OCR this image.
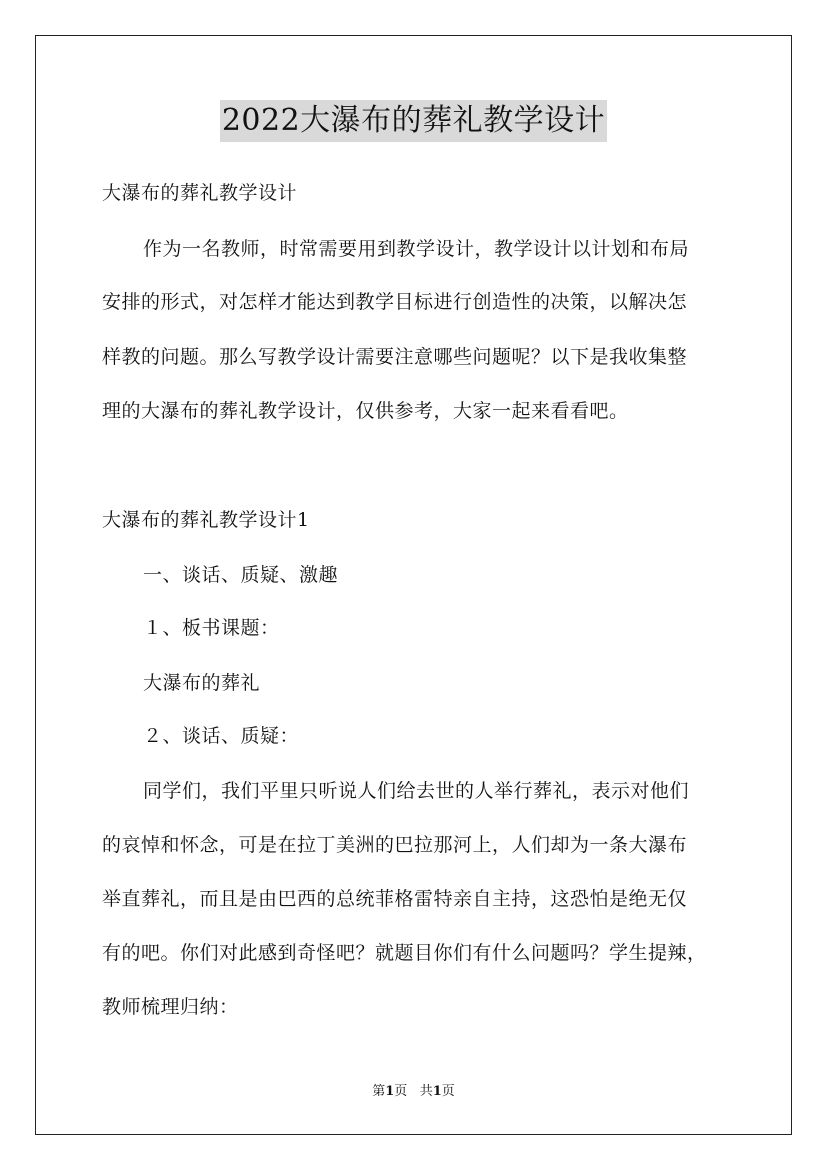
2022大瀑布的葬礼教学设计
大瀑布的葬礼教学设计
作为一名教师，时常需要用到教学设计，教学设计以计划和布局
安排的形式，对怎样才能达到教学目标进行创造性的决策，以解决怎
样教的问题。那么写教学设计需要注意哪些问题呢？以下是我收集整
理的大瀑布的葬礼教学设计，仅供参考，大家一起来看看吧。
大瀑布的葬礼教学设计1
一、谈话、质疑、激趣
１、板书课题：
大瀑布的葬礼
２、谈话、质疑：
同学们，我们平里只听说人们给去世的人举行葬礼，表示对他们
的哀悼和怀念，可是在拉丁美洲的巴拉那河上，人们却为一条大瀑布
举直葬礼，而且是由巴西的总统菲格雷特亲自主持，这恐怕是绝无仅
有的吧。你们对此感到奇怪吧？就题目你们有什么问题吗？学生提辣，
教师梳理归纳：
第1页 共1页
